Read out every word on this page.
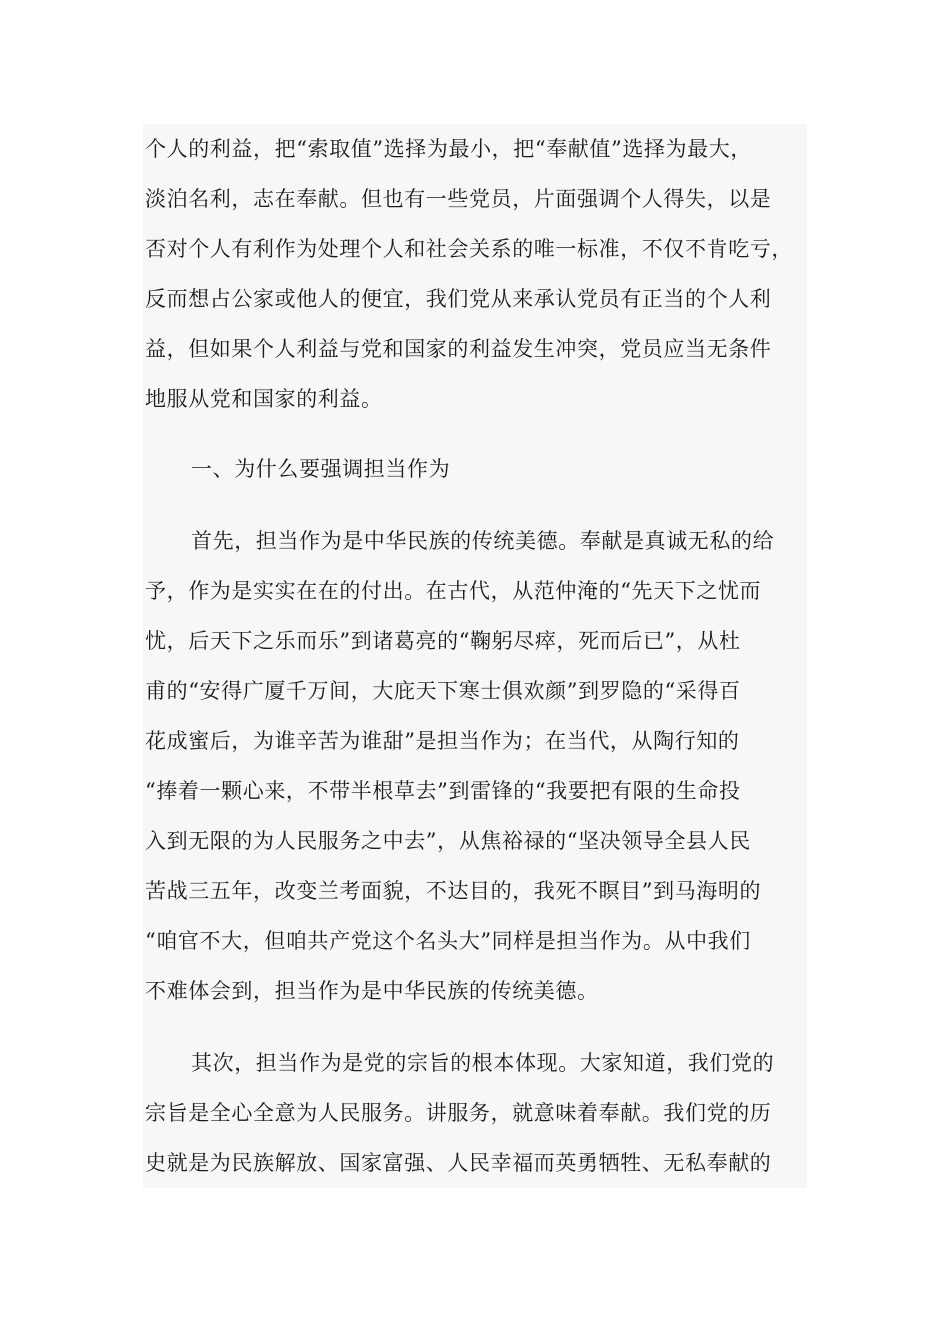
个人的利益，把“索取值”选择为最小，把“奉献值”选择为最大，
淡泊名利，志在奉献。但也有一些党员，片面强调个人得失，以是
否对个人有利作为处理个人和社会关系的唯一标准，不仅不肯吃亏，
反而想占公家或他人的便宜，我们党从来承认党员有正当的个人利
益，但如果个人利益与党和国家的利益发生冲突，党员应当无条件
地服从党和国家的利益。
一、为什么要强调担当作为
首先，担当作为是中华民族的传统美德。奉献是真诚无私的给
予，作为是实实在在的付出。在古代，从范仲淹的“先天下之忧而
忧，后天下之乐而乐”到诸葛亮的“鞠躬尽瘁，死而后已”，从杜
甫的“安得广厦千万间，大庇天下寒士俱欢颜”到罗隐的“采得百
花成蜜后，为谁辛苦为谁甜”是担当作为；在当代，从陶行知的
“捧着一颗心来，不带半根草去”到雷锋的“我要把有限的生命投
入到无限的为人民服务之中去”，从焦裕禄的“坚决领导全县人民
苦战三五年，改变兰考面貌，不达目的，我死不瞑目”到马海明的
“咱官不大，但咱共产党这个名头大”同样是担当作为。从中我们
不难体会到，担当作为是中华民族的传统美德。
其次，担当作为是党的宗旨的根本体现。大家知道，我们党的
宗旨是全心全意为人民服务。讲服务，就意味着奉献。我们党的历
史就是为民族解放、国家富强、人民幸福而英勇牺牲、无私奉献的
